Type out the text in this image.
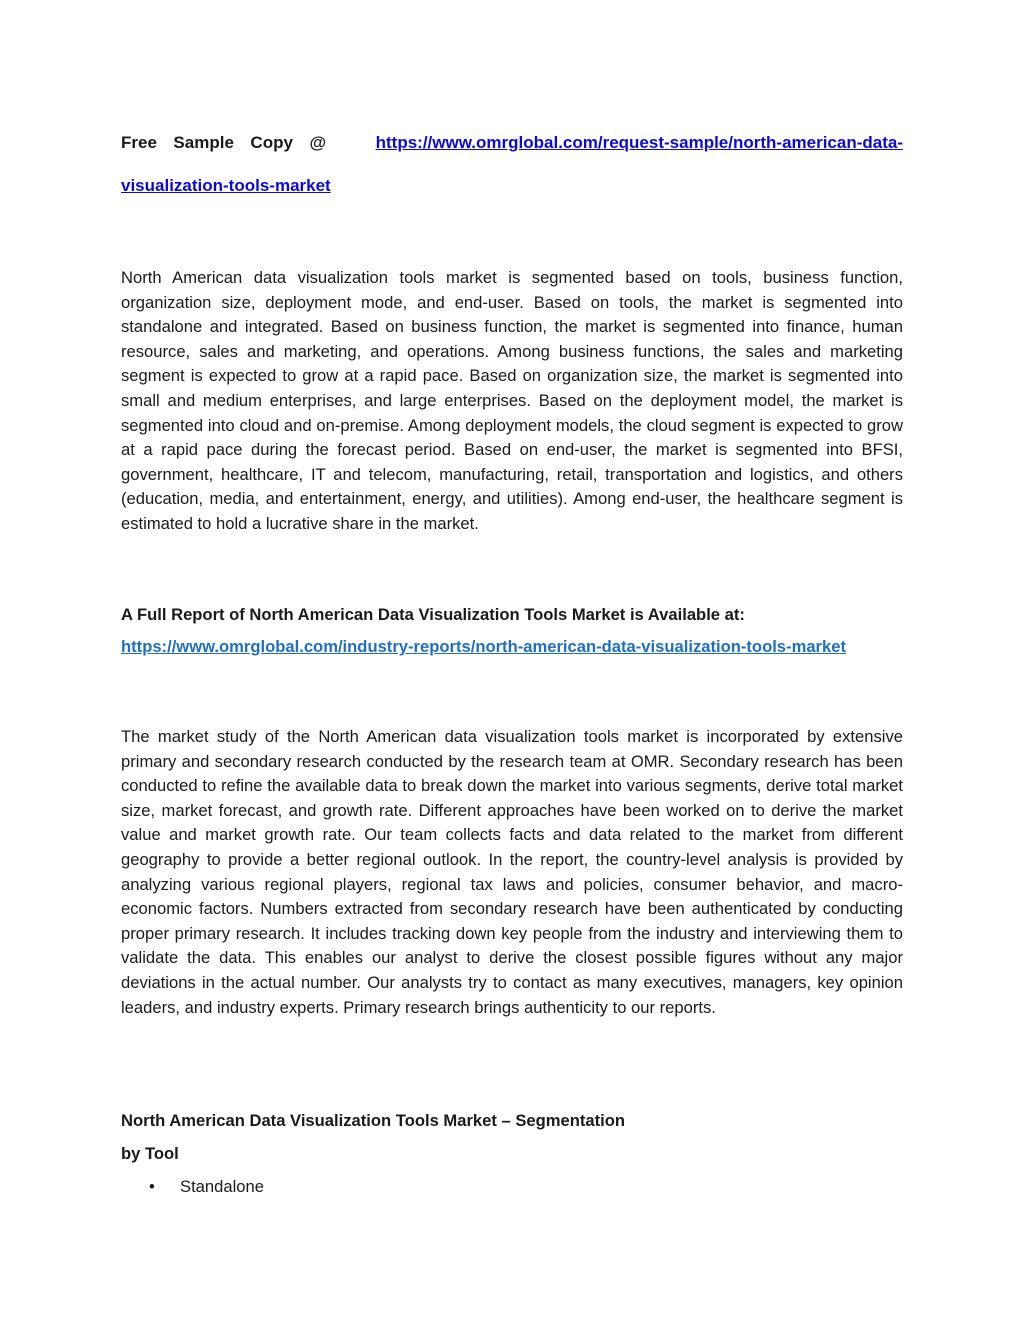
Free Sample Copy @	https://www.omrglobal.com/request-sample/north-american-data-visualization-tools-market
North American data visualization tools market is segmented based on tools, business function, organization size, deployment mode, and end-user. Based on tools, the market is segmented into standalone and integrated. Based on business function, the market is segmented into finance, human resource, sales and marketing, and operations. Among business functions, the sales and marketing segment is expected to grow at a rapid pace. Based on organization size, the market is segmented into small and medium enterprises, and large enterprises. Based on the deployment model, the market is segmented into cloud and on-premise. Among deployment models, the cloud segment is expected to grow at a rapid pace during the forecast period. Based on end-user, the market is segmented into BFSI, government, healthcare, IT and telecom, manufacturing, retail, transportation and logistics, and others (education, media, and entertainment, energy, and utilities). Among end-user, the healthcare segment is estimated to hold a lucrative share in the market.
A Full Report of North American Data Visualization Tools Market is Available at:
https://www.omrglobal.com/industry-reports/north-american-data-visualization-tools-market
The market study of the North American data visualization tools market is incorporated by extensive primary and secondary research conducted by the research team at OMR. Secondary research has been conducted to refine the available data to break down the market into various segments, derive total market size, market forecast, and growth rate. Different approaches have been worked on to derive the market value and market growth rate. Our team collects facts and data related to the market from different geography to provide a better regional outlook. In the report, the country-level analysis is provided by analyzing various regional players, regional tax laws and policies, consumer behavior, and macro-economic factors. Numbers extracted from secondary research have been authenticated by conducting proper primary research. It includes tracking down key people from the industry and interviewing them to validate the data. This enables our analyst to derive the closest possible figures without any major deviations in the actual number. Our analysts try to contact as many executives, managers, key opinion leaders, and industry experts. Primary research brings authenticity to our reports.
North American Data Visualization Tools Market – Segmentation
by Tool
• Standalone
